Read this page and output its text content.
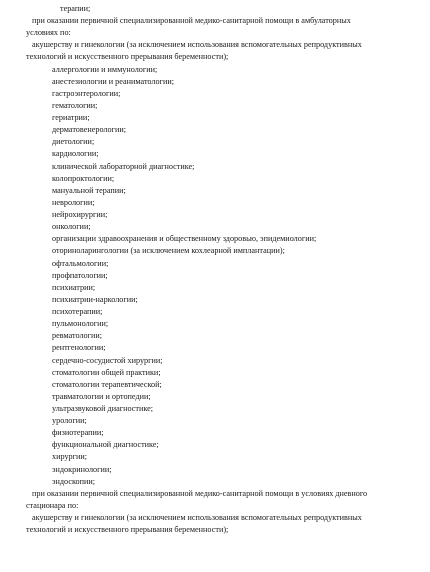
терапии;
при оказании первичной специализированной медико-санитарной помощи в амбулаторных
условиях по:
акушерству и гинекологии (за исключением использования вспомогательных репродуктивных
технологий и искусственного прерывания беременности);
аллергологии и иммунологии;
анестезиологии и реаниматологии;
гастроэнтерологии;
гематологии;
гериатрии;
дерматовенерологии;
диетологии;
кардиологии;
клинической лабораторной диагностике;
колопроктологии;
мануальной терапии;
неврологии;
нейрохирургии;
онкологии;
организации здравоохранения и общественному здоровью, эпидемиологии;
оториноларингологии (за исключением кохлеарной имплантации);
офтальмологии;
профпатологии;
психиатрии;
психиатрии-наркологии;
психотерапии;
пульмонологии;
ревматологии;
рентгенологии;
сердечно-сосудистой хирургии;
стоматологии общей практики;
стоматологии терапевтической;
травматологии и ортопедии;
ультразвуковой диагностике;
урологии;
физиотерапии;
функциональной диагностике;
хирургии;
эндокринологии;
эндоскопии;
при оказании первичной специализированной медико-санитарной помощи в условиях дневного
стационара по:
акушерству и гинекологии (за исключением использования вспомогательных репродуктивных
технологий и искусственного прерывания беременности);
